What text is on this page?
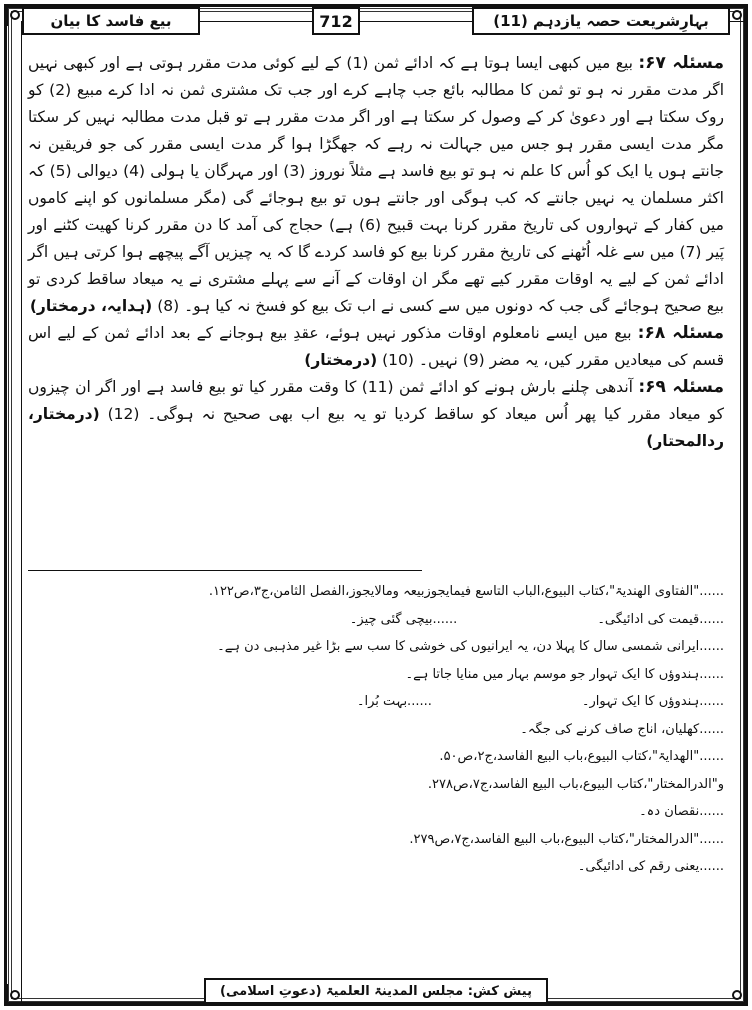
بیع فاسد کا بیان	712	بہارِشریعت حصہ یازدہم (11)

مسئلہ ۶۷: بیع میں کبھی ایسا ہوتا ہے کہ ادائے ثمن (1) کے لیے کوئی مدت مقرر ہوتی ہے اور کبھی نہیں اگر مدت مقرر نہ ہو تو ثمن کا مطالبہ بائع جب چاہے کرے اور جب تک مشتری ثمن نہ ادا کرے مبیع (2) کو روک سکتا ہے اور دعویٰ کر کے وصول کر سکتا ہے اور اگر مدت مقرر ہے تو قبل مدت مطالبہ نہیں کر سکتا مگر مدت ایسی مقرر ہو جس میں جہالت نہ رہے کہ جھگڑا ہوا گر مدت ایسی مقرر کی جو فریقین نہ جانتے ہوں یا ایک کو اُس کا علم نہ ہو تو بیع فاسد ہے مثلاً نوروز (3) اور مہرگان یا ہولی (4) دیوالی (5) کہ اکثر مسلمان یہ نہیں جانتے کہ کب ہوگی اور جانتے ہوں تو بیع ہوجائے گی (مگر مسلمانوں کو اپنے کاموں میں کفار کے تہواروں کی تاریخ مقرر کرنا بہت قبیح (6) ہے) حجاج کی آمد کا دن مقرر کرنا کھیت کٹنے اور پَیر (7) میں سے غلہ اُٹھنے کی تاریخ مقرر کرنا بیع کو فاسد کردے گا کہ یہ چیزیں آگے پیچھے ہوا کرتی ہیں اگر ادائے ثمن کے لیے یہ اوقات مقرر کیے تھے مگر ان اوقات کے آنے سے پہلے مشتری نے یہ میعاد ساقط کردی تو بیع صحیح ہوجائے گی جب کہ دونوں میں سے کسی نے اب تک بیع کو فسخ نہ کیا ہو۔ (8) (ہدایہ، درمختار)

مسئلہ ۶۸: بیع میں ایسے نامعلوم اوقات مذکور نہیں ہوئے، عقدِ بیع ہوجانے کے بعد ادائے ثمن کے لیے اس قسم کی میعادیں مقرر کیں، یہ مضر (9) نہیں۔ (10) (درمختار)

مسئلہ ۶۹: آندھی چلنے بارش ہونے کو ادائے ثمن (11) کا وقت مقرر کیا تو بیع فاسد ہے اور اگر ان چیزوں کو میعاد مقرر کیا پھر اُس میعاد کو ساقط کردیا تو یہ بیع اب بھی صحیح نہ ہوگی۔ (12) (درمختار، ردالمحتار)

......"الفتاوی الھندیۃ"،کتاب البیوع،الباب التاسع فیمایجوزبیعہ ومالایجوز،الفصل الثامن،ج۳،ص۱۲۲.
......قیمت کی ادائیگی۔......بیچی گئی چیز۔
......ایرانی شمسی سال کا پہلا دن، یہ ایرانیوں کی خوشی کا سب سے بڑا غیر مذہبی دن ہے۔
......ہندوؤں کا ایک تہوار جو موسم بہار میں منایا جاتا ہے۔
......ہندوؤں کا ایک تہوار۔......بہت بُرا۔
......کھلیان، اناج صاف کرنے کی جگہ۔
......"الھدایۃ"،کتاب البیوع،باب البیع الفاسد،ج۲،ص۵۰.
و"الدرالمختار"،کتاب البیوع،باب البیع الفاسد،ج۷،ص۲۷۸.
......نقصان دہ۔
......"الدرالمختار"،کتاب البیوع،باب البیع الفاسد،ج۷،ص۲۷۹.
......یعنی رقم کی ادائیگی۔
پیش کش: مجلس المدینۃ العلمیۃ (دعوتِ اسلامی)
